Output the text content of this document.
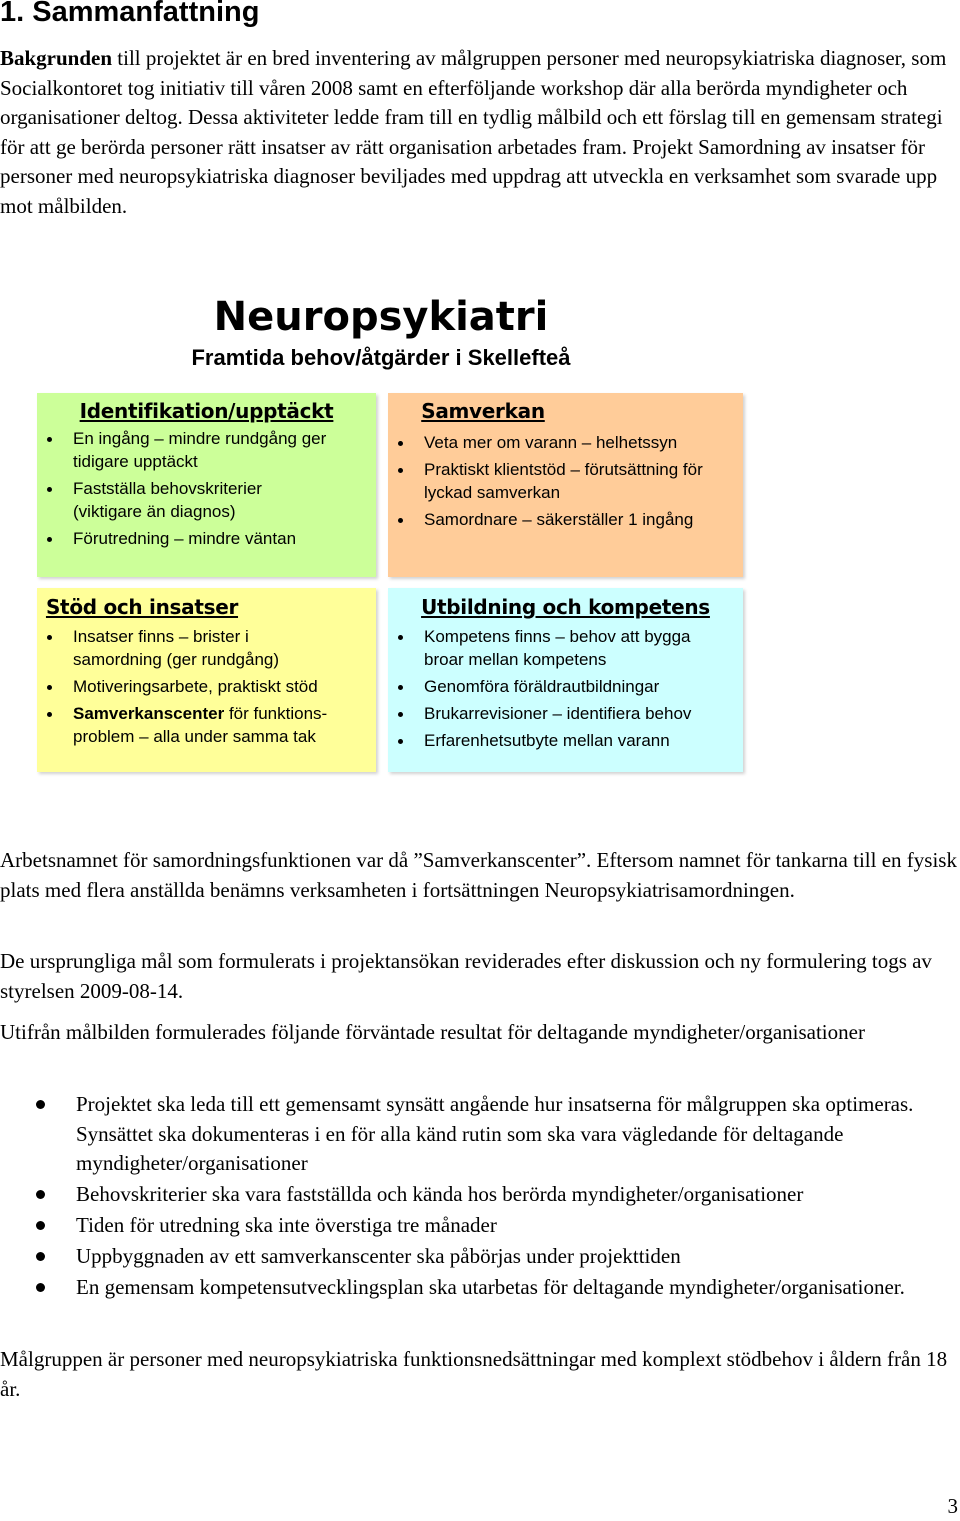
1. Sammanfattning

Bakgrunden till projektet är en bred inventering av målgruppen personer med neuropsykiatriska diagnoser, som Socialkontoret tog initiativ till våren 2008 samt en efterföljande workshop där alla berörda myndigheter och organisationer deltog. Dessa aktiviteter ledde fram till en tydlig målbild och ett förslag till en gemensam strategi för att ge berörda personer rätt insatser av rätt organisation arbetades fram. Projekt Samordning av insatser för personer med neuropsykiatriska diagnoser beviljades med uppdrag att utveckla en verksamhet som svarade upp mot målbilden.

Neuropsykiatri
Framtida behov/åtgärder i Skellefteå
Identifikation/upptäckt
En ingång – mindre rundgång ger tidigare upptäckt
Fastställa behovskriterier (viktigare än diagnos)
Förutredning – mindre väntan
Samverkan
Veta mer om varann – helhetssyn
Praktiskt klientstöd – förutsättning för lyckad samverkan
Samordnare – säkerställer 1 ingång
Stöd och insatser
Insatser finns – brister i samordning (ger rundgång)
Motiveringsarbete, praktiskt stöd
Samverkanscenter för funktions-problem – alla under samma tak
Utbildning och kompetens
Kompetens finns – behov att bygga broar mellan kompetens
Genomföra föräldrautbildningar
Brukarrevisioner – identifiera behov
Erfarenhetsutbyte mellan varann

Arbetsnamnet för samordningsfunktionen var då ”Samverkanscenter”. Eftersom namnet för tankarna till en fysisk plats med flera anställda benämns verksamheten i fortsättningen Neuropsykiatrisamordningen.

De ursprungliga mål som formulerats i projektansökan reviderades efter diskussion och ny formulering togs av styrelsen 2009-08-14.

Utifrån målbilden formulerades följande förväntade resultat för deltagande myndigheter/organisationer

Projektet ska leda till ett gemensamt synsätt angående hur insatserna för målgruppen ska optimeras. Synsättet ska dokumenteras i en för alla känd rutin som ska vara vägledande för deltagande myndigheter/organisationer
Behovskriterier ska vara fastställda och kända hos berörda myndigheter/organisationer
Tiden för utredning ska inte överstiga tre månader
Uppbyggnaden av ett samverkanscenter ska påbörjas under projekttiden
En gemensam kompetensutvecklingsplan ska utarbetas för deltagande myndigheter/organisationer.

Målgruppen är personer med neuropsykiatriska funktionsnedsättningar med komplext stödbehov i åldern från 18 år.

3
